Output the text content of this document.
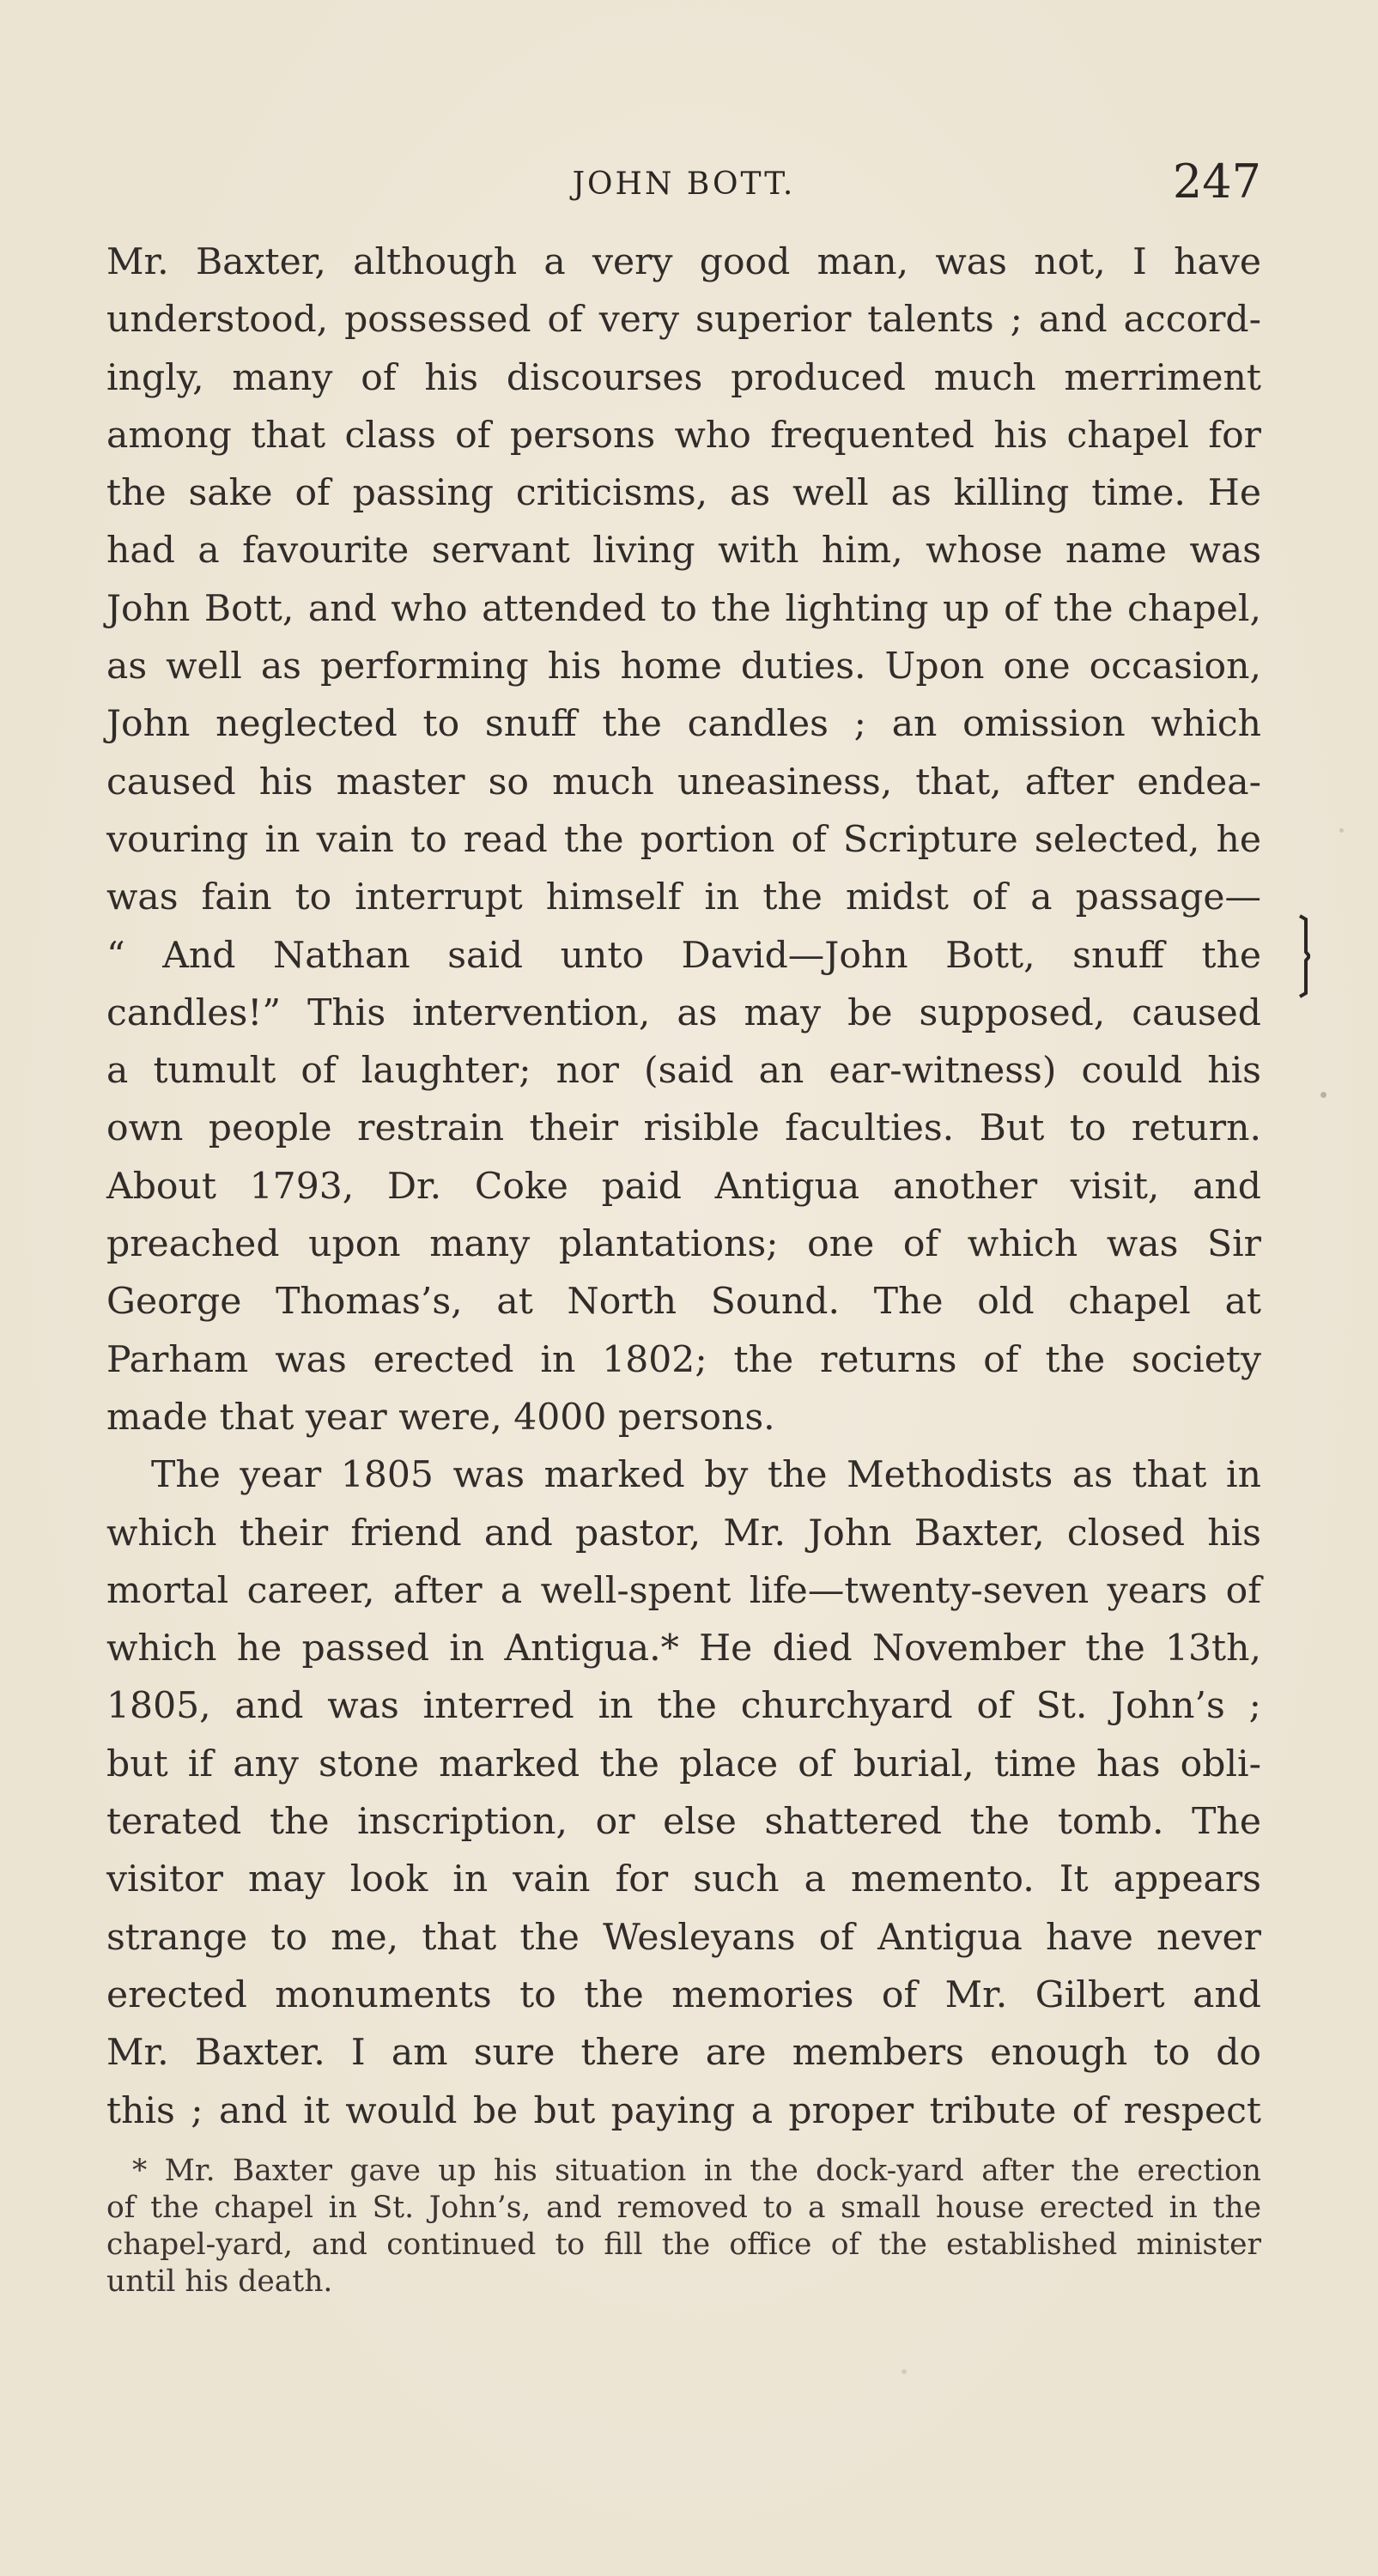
JOHN BOTT.	247

Mr. Baxter, although a very good man, was not, I have
understood, possessed of very superior talents ; and accord-
ingly, many of his discourses produced much merriment
among that class of persons who frequented his chapel for
the sake of passing criticisms, as well as killing time. He
had a favourite servant living with him, whose name was
John Bott, and who attended to the lighting up of the chapel,
as well as performing his home duties. Upon one occasion,
John neglected to snuff the candles ; an omission which
caused his master so much uneasiness, that, after endea-
vouring in vain to read the portion of Scripture selected, he
was fain to interrupt himself in the midst of a passage—
“ And Nathan said unto David—John Bott, snuff the
candles!” This intervention, as may be supposed, caused
a tumult of laughter; nor (said an ear-witness) could his
own people restrain their risible faculties. But to return.
About 1793, Dr. Coke paid Antigua another visit, and
preached upon many plantations; one of which was Sir
George Thomas’s, at North Sound. The old chapel at
Parham was erected in 1802; the returns of the society
made that year were, 4000 persons.

The year 1805 was marked by the Methodists as that in
which their friend and pastor, Mr. John Baxter, closed his
mortal career, after a well-spent life—twenty-seven years of
which he passed in Antigua.* He died November the 13th,
1805, and was interred in the churchyard of St. John’s ;
but if any stone marked the place of burial, time has obli-
terated the inscription, or else shattered the tomb. The
visitor may look in vain for such a memento. It appears
strange to me, that the Wesleyans of Antigua have never
erected monuments to the memories of Mr. Gilbert and
Mr. Baxter. I am sure there are members enough to do
this ; and it would be but paying a proper tribute of respect

* Mr. Baxter gave up his situation in the dock-yard after the erection
of the chapel in St. John’s, and removed to a small house erected in the
chapel-yard, and continued to fill the office of the established minister
until his death.
